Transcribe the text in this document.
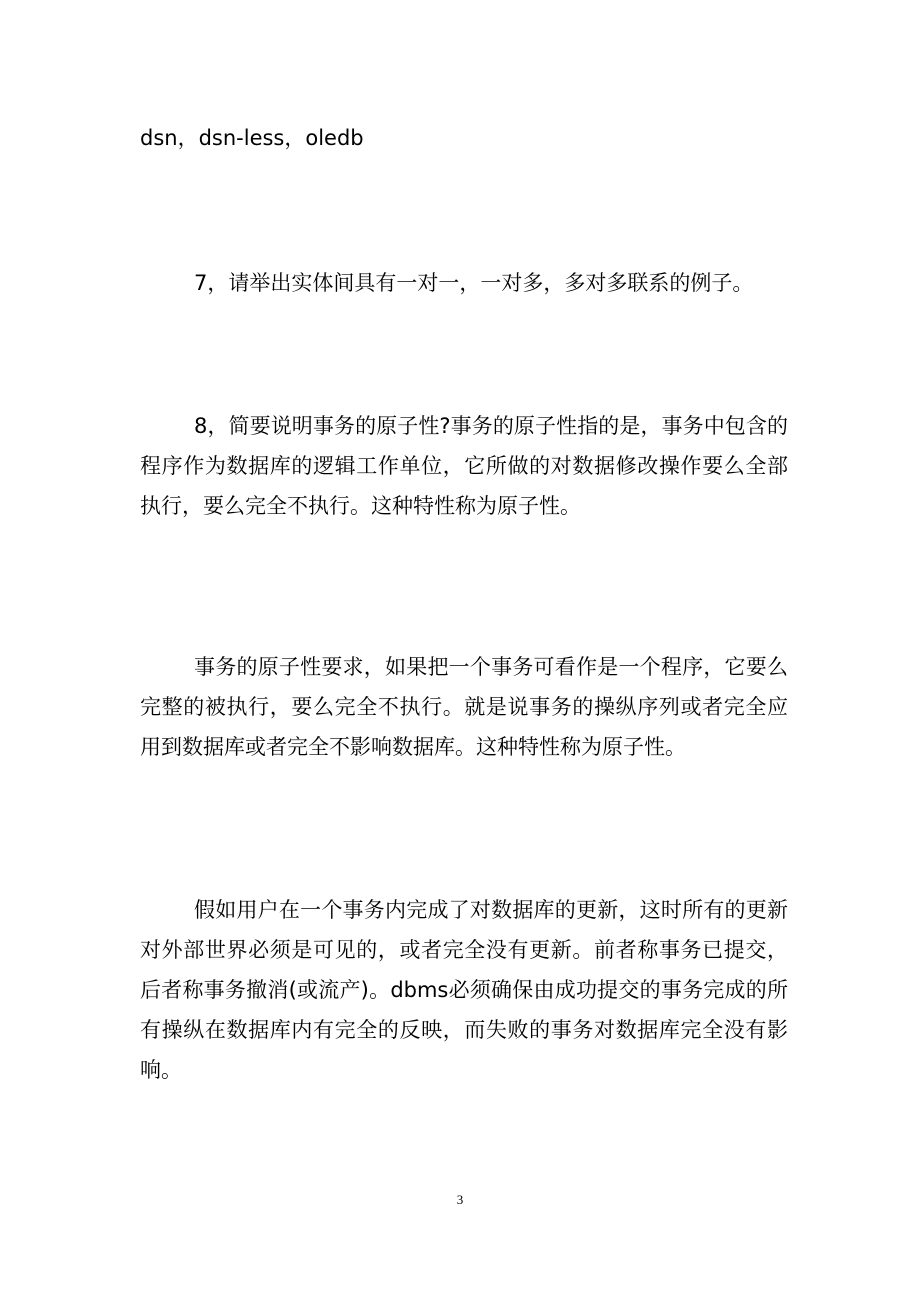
dsn，dsn-less，oledb

7，请举出实体间具有一对一，一对多，多对多联系的例子。

8，简要说明事务的原子性?事务的原子性指的是，事务中包含的程序作为数据库的逻辑工作单位，它所做的对数据修改操作要么全部执行，要么完全不执行。这种特性称为原子性。

事务的原子性要求，如果把一个事务可看作是一个程序，它要么完整的被执行，要么完全不执行。就是说事务的操纵序列或者完全应用到数据库或者完全不影响数据库。这种特性称为原子性。

假如用户在一个事务内完成了对数据库的更新，这时所有的更新对外部世界必须是可见的，或者完全没有更新。前者称事务已提交，后者称事务撤消(或流产)。dbms必须确保由成功提交的事务完成的所有操纵在数据库内有完全的反映，而失败的事务对数据库完全没有影响。

3
